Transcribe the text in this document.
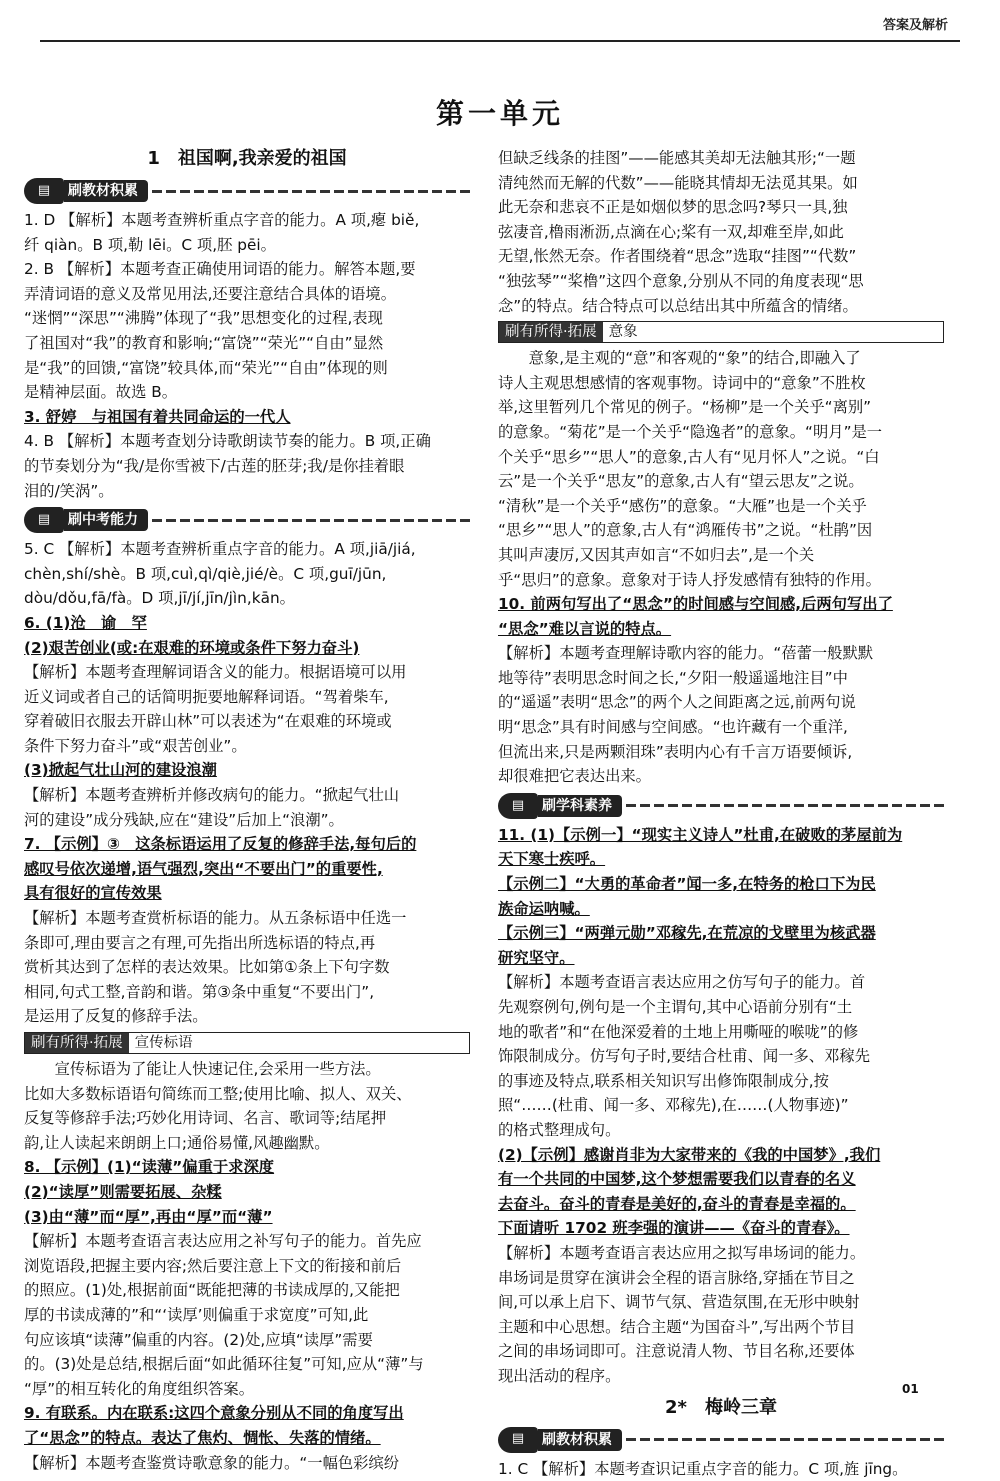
答案及解析
第一单元
1　祖国啊,我亲爱的祖国
▤	刷教材积累

1. D 【解析】本题考查辨析重点字音的能力。A 项,瘪 biě,

纤 qiàn。B 项,勒 lēi。C 项,胚 pēi。

2. B 【解析】本题考查正确使用词语的能力。解答本题,要

弄清词语的意义及常见用法,还要注意结合具体的语境。

“迷惘”“深思”“沸腾”体现了“我”思想变化的过程,表现

了祖国对“我”的教育和影响;“富饶”“荣光”“自由”显然

是“我”的回馈,“富饶”较具体,而“荣光”“自由”体现的则

是精神层面。故选 B。

3. 舒婷　与祖国有着共同命运的一代人

4. B 【解析】本题考查划分诗歌朗读节奏的能力。B 项,正确

的节奏划分为“我/是你雪被下/古莲的胚芽;我/是你挂着眼

泪的/笑涡”。

▤	刷中考能力

5. C 【解析】本题考查辨析重点字音的能力。A 项,jiā/jiá,

chèn,shí/shè。B 项,cuì,qì/qiè,jié/è。C 项,guī/jūn,

dòu/dǒu,fā/fà。D 项,jī/jí,jīn/jìn,kān。

6. (1)沧　谕　罕

(2)艰苦创业(或:在艰难的环境或条件下努力奋斗)

【解析】本题考查理解词语含义的能力。根据语境可以用

近义词或者自己的话简明扼要地解释词语。“驾着柴车,

穿着破旧衣服去开辟山林”可以表述为“在艰难的环境或

条件下努力奋斗”或“艰苦创业”。

(3)掀起气壮山河的建设浪潮

【解析】本题考查辨析并修改病句的能力。“掀起气壮山

河的建设”成分残缺,应在“建设”后加上“浪潮”。

7. 【示例】③　这条标语运用了反复的修辞手法,每句后的

感叹号依次递增,语气强烈,突出“不要出门”的重要性,

具有很好的宣传效果

【解析】本题考查赏析标语的能力。从五条标语中任选一

条即可,理由要言之有理,可先指出所选标语的特点,再

赏析其达到了怎样的表达效果。比如第①条上下句字数

相同,句式工整,音韵和谐。第③条中重复“不要出门”,

是运用了反复的修辞手法。

刷有所得·拓展 宣传标语

宣传标语为了能让人快速记住,会采用一些方法。

比如大多数标语语句简练而工整;使用比喻、拟人、双关、

反复等修辞手法;巧妙化用诗词、名言、歌词等;结尾押

韵,让人读起来朗朗上口;通俗易懂,风趣幽默。

8. 【示例】(1)“读薄”偏重于求深度

(2)“读厚”则需要拓展、杂糅

(3)由“薄”而“厚”,再由“厚”而“薄”

【解析】本题考查语言表达应用之补写句子的能力。首先应

浏览语段,把握主要内容;然后要注意上下文的衔接和前后

的照应。(1)处,根据前面“既能把薄的书读成厚的,又能把

厚的书读成薄的”和“‘读厚’则偏重于求宽度”可知,此

句应该填“读薄”偏重的内容。(2)处,应填“读厚”需要

的。(3)处是总结,根据后面“如此循环往复”可知,应从“薄”与

“厚”的相互转化的角度组织答案。

9. 有联系。内在联系:这四个意象分别从不同的角度写出

了“思念”的特点。表达了焦灼、惆怅、失落的情绪。

【解析】本题考查鉴赏诗歌意象的能力。“一幅色彩缤纷

但缺乏线条的挂图”——能感其美却无法触其形;“一题

清纯然而无解的代数”——能晓其情却无法觅其果。如

此无奈和悲哀不正是如烟似梦的思念吗?琴只一具,独

弦凄音,橹雨淅沥,点滴在心;桨有一双,却难至岸,如此

无望,怅然无奈。作者围绕着“思念”选取“挂图”“代数”

“独弦琴”“桨橹”这四个意象,分别从不同的角度表现“思

念”的特点。结合特点可以总结出其中所蕴含的情绪。

刷有所得·拓展 意象

意象,是主观的“意”和客观的“象”的结合,即融入了

诗人主观思想感情的客观事物。诗词中的“意象”不胜枚

举,这里暂列几个常见的例子。“杨柳”是一个关乎“离别”

的意象。“菊花”是一个关乎“隐逸者”的意象。“明月”是一

个关乎“思乡”“思人”的意象,古人有“见月怀人”之说。“白

云”是一个关乎“思友”的意象,古人有“望云思友”之说。

“清秋”是一个关乎“感伤”的意象。“大雁”也是一个关乎

“思乡”“思人”的意象,古人有“鸿雁传书”之说。“杜鹃”因

其叫声凄厉,又因其声如言“不如归去”,是一个关

乎“思归”的意象。意象对于诗人抒发感情有独特的作用。

10. 前两句写出了“思念”的时间感与空间感,后两句写出了

“思念”难以言说的特点。

【解析】本题考查理解诗歌内容的能力。“蓓蕾一般默默

地等待”表明思念时间之长,“夕阳一般遥遥地注目”中

的“遥遥”表明“思念”的两个人之间距离之远,前两句说

明“思念”具有时间感与空间感。“也许藏有一个重洋,

但流出来,只是两颗泪珠”表明内心有千言万语要倾诉,

却很难把它表达出来。

▤	刷学科素养

11. (1)【示例一】“现实主义诗人”杜甫,在破败的茅屋前为

天下寒士疾呼。

【示例二】“大勇的革命者”闻一多,在特务的枪口下为民

族命运呐喊。

【示例三】“两弹元勋”邓稼先,在荒凉的戈壁里为核武器

研究坚守。

【解析】本题考查语言表达应用之仿写句子的能力。首

先观察例句,例句是一个主谓句,其中心语前分别有“土

地的歌者”和“在他深爱着的土地上用嘶哑的喉咙”的修

饰限制成分。仿写句子时,要结合杜甫、闻一多、邓稼先

的事迹及特点,联系相关知识写出修饰限制成分,按

照“……(杜甫、闻一多、邓稼先),在……(人物事迹)”

的格式整理成句。

(2)【示例】感谢肖非为大家带来的《我的中国梦》,我们

有一个共同的中国梦,这个梦想需要我们以青春的名义

去奋斗。奋斗的青春是美好的,奋斗的青春是幸福的。

下面请听 1702 班李强的演讲——《奋斗的青春》。

【解析】本题考查语言表达应用之拟写串场词的能力。

串场词是贯穿在演讲会全程的语言脉络,穿插在节目之

间,可以承上启下、调节气氛、营造氛围,在无形中映射

主题和中心思想。结合主题“为国奋斗”,写出两个节目

之间的串场词即可。注意说清人物、节目名称,还要体

现出活动的程序。

2*　梅岭三章
▤	刷教材积累

1. C 【解析】本题考查识记重点字音的能力。C 项,旌 jīng。

01
